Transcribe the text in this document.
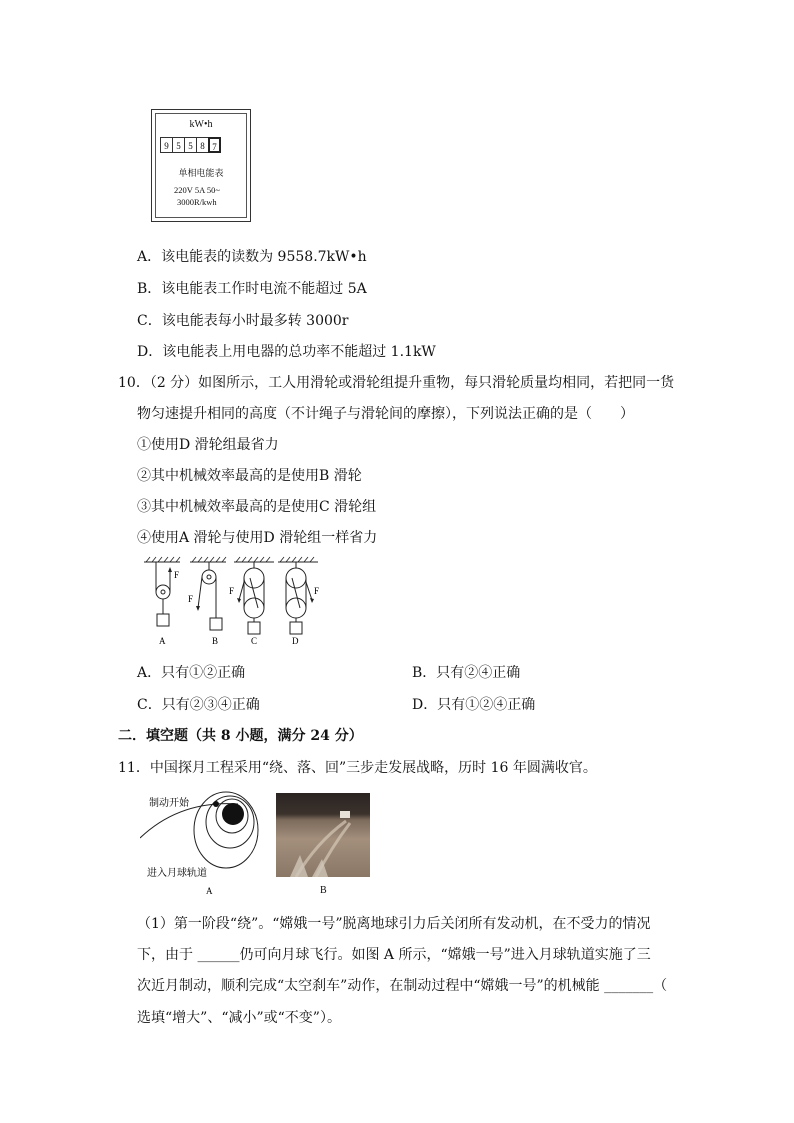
kW•h
9 5 5 8 7
单相电能表
220V 5A 50~
3000R/kwh
A．该电能表的读数为 9558.7kW•h
B．该电能表工作时电流不能超过 5A
C．该电能表每小时最多转 3000r
D．该电能表上用电器的总功率不能超过 1.1kW
10．（2 分）如图所示，工人用滑轮或滑轮组提升重物，每只滑轮质量均相同，若把同一货
物匀速提升相同的高度（不计绳子与滑轮间的摩擦），下列说法正确的是（　　）
①使用D 滑轮组最省力
②其中机械效率最高的是使用B 滑轮
③其中机械效率最高的是使用C 滑轮组
④使用A 滑轮与使用D 滑轮组一样省力
F
F
F	F
A	B	C	D
A．只有①②正确	B．只有②④正确
C．只有②③④正确	D．只有①②④正确
二．填空题（共 8 小题，满分 24 分）
11．中国探月工程采用“绕、落、回”三步走发展战略，历时 16 年圆满收官。
制动开始
进入月球轨道
A	B
（1）第一阶段“绕”。“嫦娥一号”脱离地球引力后关闭所有发动机，在不受力的情况
下，由于 ______仍可向月球飞行。如图 A 所示，“嫦娥一号”进入月球轨道实施了三
次近月制动，顺利完成“太空刹车”动作，在制动过程中“嫦娥一号”的机械能 _______（
选填“增大”、“减小”或“不变”）。
